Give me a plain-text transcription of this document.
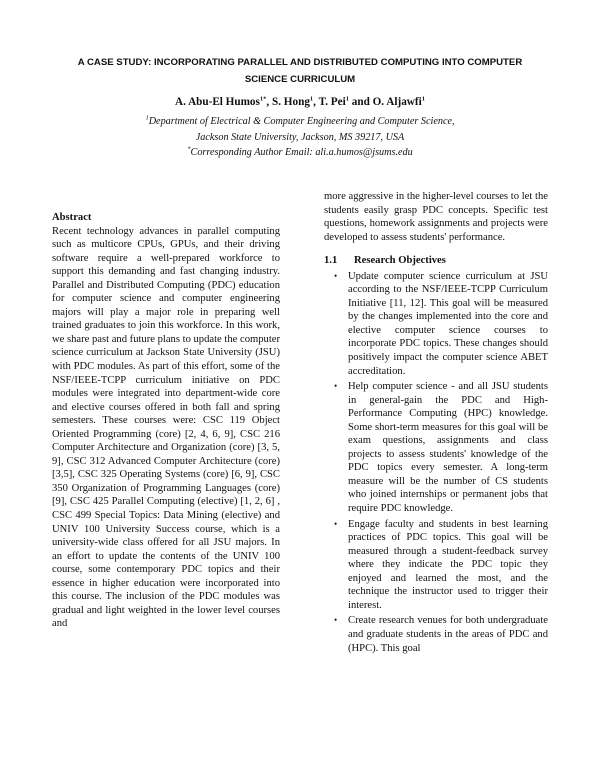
A CASE STUDY: INCORPORATING PARALLEL AND DISTRIBUTED COMPUTING INTO COMPUTER
SCIENCE CURRICULUM
A. Abu-El Humos$^{1*}$, S. Hong$^1$, T. Pei$^1$ and O. Aljawfi$^1$
$^1$Department of Electrical & Computer Engineering and Computer Science,
Jackson State University, Jackson, MS 39217, USA
*Corresponding Author Email: ali.a.humos@jsums.edu

Abstract

Recent technology advances in parallel computing such as multicore CPUs, GPUs, and their driving software require a well-prepared workforce to support this demanding and fast changing industry. Parallel and Distributed Computing (PDC) education for computer science and computer engineering majors will play a major role in preparing well trained graduates to join this workforce. In this work, we share past and future plans to update the computer science curriculum at Jackson State University (JSU) with PDC modules. As part of this effort, some of the NSF/IEEE-TCPP curriculum initiative on PDC modules were integrated into department-wide core and elective courses offered in both fall and spring semesters. These courses were: CSC 119 Object Oriented Programming (core) [2, 4, 6, 9], CSC 216 Computer Architecture and Organization (core) [3, 5, 9], CSC 312 Advanced Computer Architecture (core) [3,5], CSC 325 Operating Systems (core) [6, 9], CSC 350 Organization of Programming Languages (core) [9], CSC 425 Parallel Computing (elective) [1, 2, 6] , CSC 499 Special Topics: Data Mining (elective) and UNIV 100 University Success course, which is a university-wide class offered for all JSU majors. In an effort to update the contents of the UNIV 100 course, some contemporary PDC topics and their essence in higher education were incorporated into this course. The inclusion of the PDC modules was gradual and light weighted in the lower level courses and

more aggressive in the higher-level courses to let the students easily grasp PDC concepts. Specific test questions, homework assignments and projects were developed to assess students' performance.

1.1 Research Objectives
• Update computer science curriculum at JSU according to the NSF/IEEE-TCPP Curriculum Initiative [11, 12]. This goal will be measured by the changes implemented into the core and elective computer science courses to incorporate PDC topics. These changes should positively impact the computer science ABET accreditation.
• Help computer science - and all JSU students in general-gain the PDC and High-Performance Computing (HPC) knowledge. Some short-term measures for this goal will be exam questions, assignments and class projects to assess students' knowledge of the PDC topics every semester. A long-term measure will be the number of CS students who joined internships or permanent jobs that require PDC knowledge.
• Engage faculty and students in best learning practices of PDC topics. This goal will be measured through a student-feedback survey where they indicate the PDC topic they enjoyed and learned the most, and the technique the instructor used to trigger their interest.
• Create research venues for both undergraduate and graduate students in the areas of PDC and (HPC). This goal
